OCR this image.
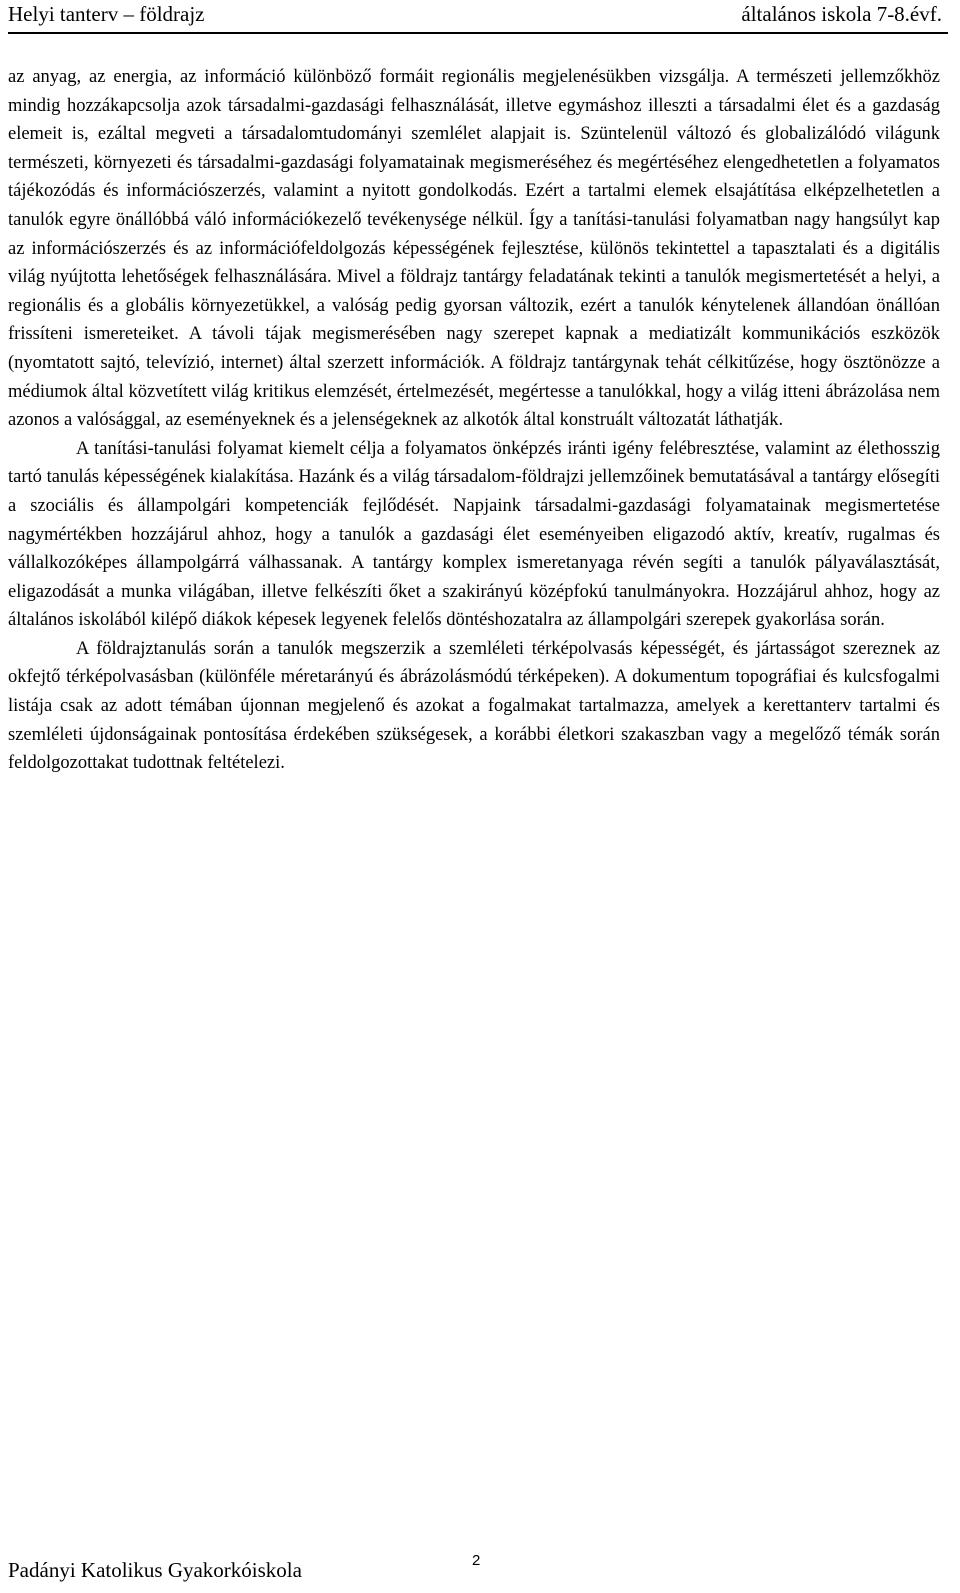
Helyi tanterv – földrajz	általános iskola 7-8.évf.

az anyag, az energia, az információ különböző formáit regionális megjelenésükben vizsgálja. A természeti jellemzőkhöz mindig hozzákapcsolja azok társadalmi-gazdasági felhasználását, illetve egymáshoz illeszti a társadalmi élet és a gazdaság elemeit is, ezáltal megveti a társadalomtudományi szemlélet alapjait is. Szüntelenül változó és globalizálódó világunk természeti, környezeti és társadalmi-gazdasági folyamatainak megismeréséhez és megértéséhez elengedhetetlen a folyamatos tájékozódás és információszerzés, valamint a nyitott gondolkodás. Ezért a tartalmi elemek elsajátítása elképzelhetetlen a tanulók egyre önállóbbá váló információkezelő tevékenysége nélkül. Így a tanítási-tanulási folyamatban nagy hangsúlyt kap az információszerzés és az információfeldolgozás képességének fejlesztése, különös tekintettel a tapasztalati és a digitális világ nyújtotta lehetőségek felhasználására. Mivel a földrajz tantárgy feladatának tekinti a tanulók megismertetését a helyi, a regionális és a globális környezetükkel, a valóság pedig gyorsan változik, ezért a tanulók kénytelenek állandóan önállóan frissíteni ismereteiket. A távoli tájak megismerésében nagy szerepet kapnak a mediatizált kommunikációs eszközök (nyomtatott sajtó, televízió, internet) által szerzett információk. A földrajz tantárgynak tehát célkitűzése, hogy ösztönözze a médiumok által közvetített világ kritikus elemzését, értelmezését, megértesse a tanulókkal, hogy a világ itteni ábrázolása nem azonos a valósággal, az eseményeknek és a jelenségeknek az alkotók által konstruált változatát láthatják.

A tanítási-tanulási folyamat kiemelt célja a folyamatos önképzés iránti igény felébresztése, valamint az élethosszig tartó tanulás képességének kialakítása. Hazánk és a világ társadalom-földrajzi jellemzőinek bemutatásával a tantárgy elősegíti a szociális és állampolgári kompetenciák fejlődését. Napjaink társadalmi-gazdasági folyamatainak megismertetése nagymértékben hozzájárul ahhoz, hogy a tanulók a gazdasági élet eseményeiben eligazodó aktív, kreatív, rugalmas és vállalkozóképes állampolgárrá válhassanak. A tantárgy komplex ismeretanyaga révén segíti a tanulók pályaválasztását, eligazodását a munka világában, illetve felkészíti őket a szakirányú középfokú tanulmányokra. Hozzájárul ahhoz, hogy az általános iskolából kilépő diákok képesek legyenek felelős döntéshozatalra az állampolgári szerepek gyakorlása során.

A földrajztanulás során a tanulók megszerzik a szemléleti térképolvasás képességét, és jártasságot szereznek az okfejtő térképolvasásban (különféle méretarányú és ábrázolásmódú térképeken). A dokumentum topográfiai és kulcsfogalmi listája csak az adott témában újonnan megjelenő és azokat a fogalmakat tartalmazza, amelyek a kerettanterv tartalmi és szemléleti újdonságainak pontosítása érdekében szükségesek, a korábbi életkori szakaszban vagy a megelőző témák során feldolgozottakat tudottnak feltételezi.

Padányi Katolikus Gyakorkóiskola	2
